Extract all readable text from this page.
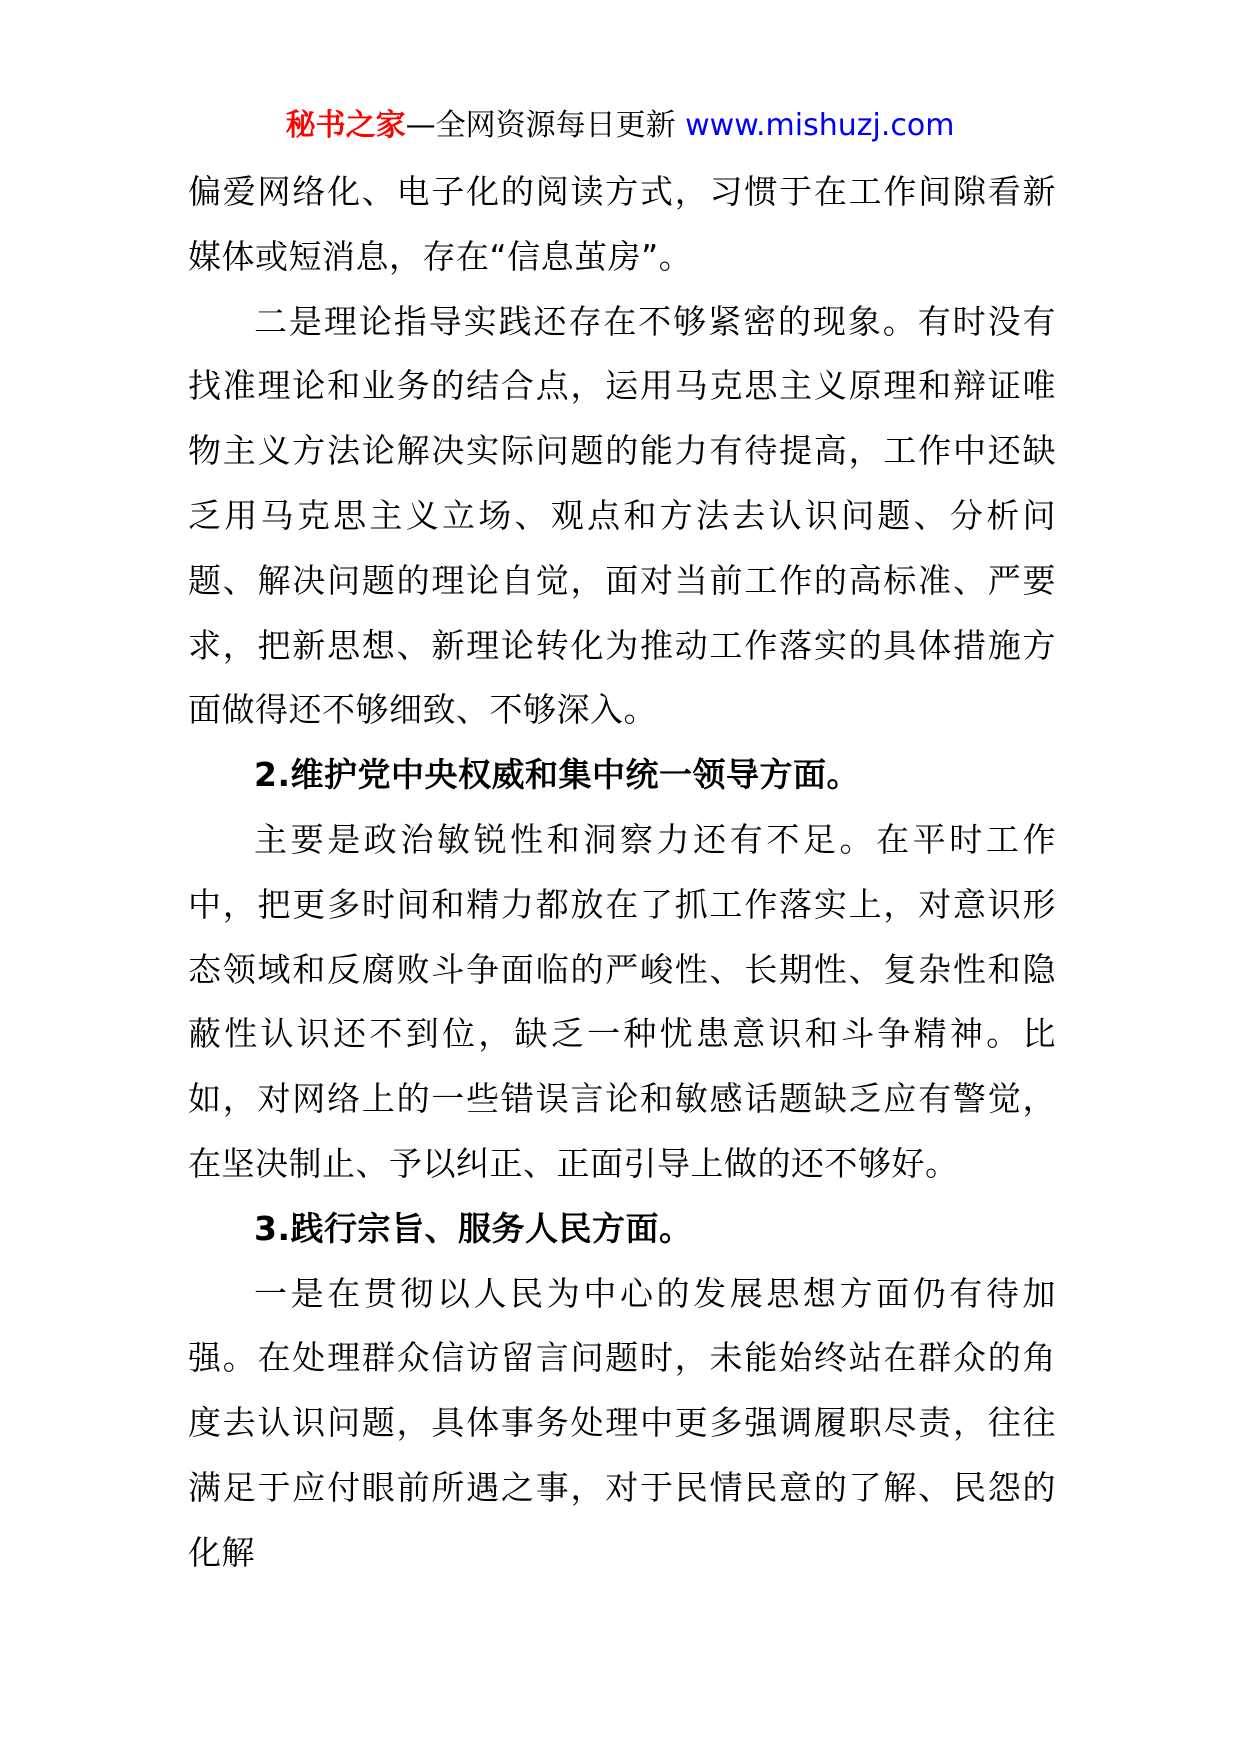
秘书之家—全网资源每日更新 www.mishuzj.com

偏爱网络化、电子化的阅读方式，习惯于在工作间隙看新媒体或短消息，存在“信息茧房”。

二是理论指导实践还存在不够紧密的现象。有时没有找准理论和业务的结合点，运用马克思主义原理和辩证唯物主义方法论解决实际问题的能力有待提高，工作中还缺乏用马克思主义立场、观点和方法去认识问题、分析问题、解决问题的理论自觉，面对当前工作的高标准、严要求，把新思想、新理论转化为推动工作落实的具体措施方面做得还不够细致、不够深入。

2.维护党中央权威和集中统一领导方面。

主要是政治敏锐性和洞察力还有不足。在平时工作中，把更多时间和精力都放在了抓工作落实上，对意识形态领域和反腐败斗争面临的严峻性、长期性、复杂性和隐蔽性认识还不到位，缺乏一种忧患意识和斗争精神。比如，对网络上的一些错误言论和敏感话题缺乏应有警觉，在坚决制止、予以纠正、正面引导上做的还不够好。

3.践行宗旨、服务人民方面。

一是在贯彻以人民为中心的发展思想方面仍有待加强。在处理群众信访留言问题时，未能始终站在群众的角度去认识问题，具体事务处理中更多强调履职尽责，往往满足于应付眼前所遇之事，对于民情民意的了解、民怨的化解
